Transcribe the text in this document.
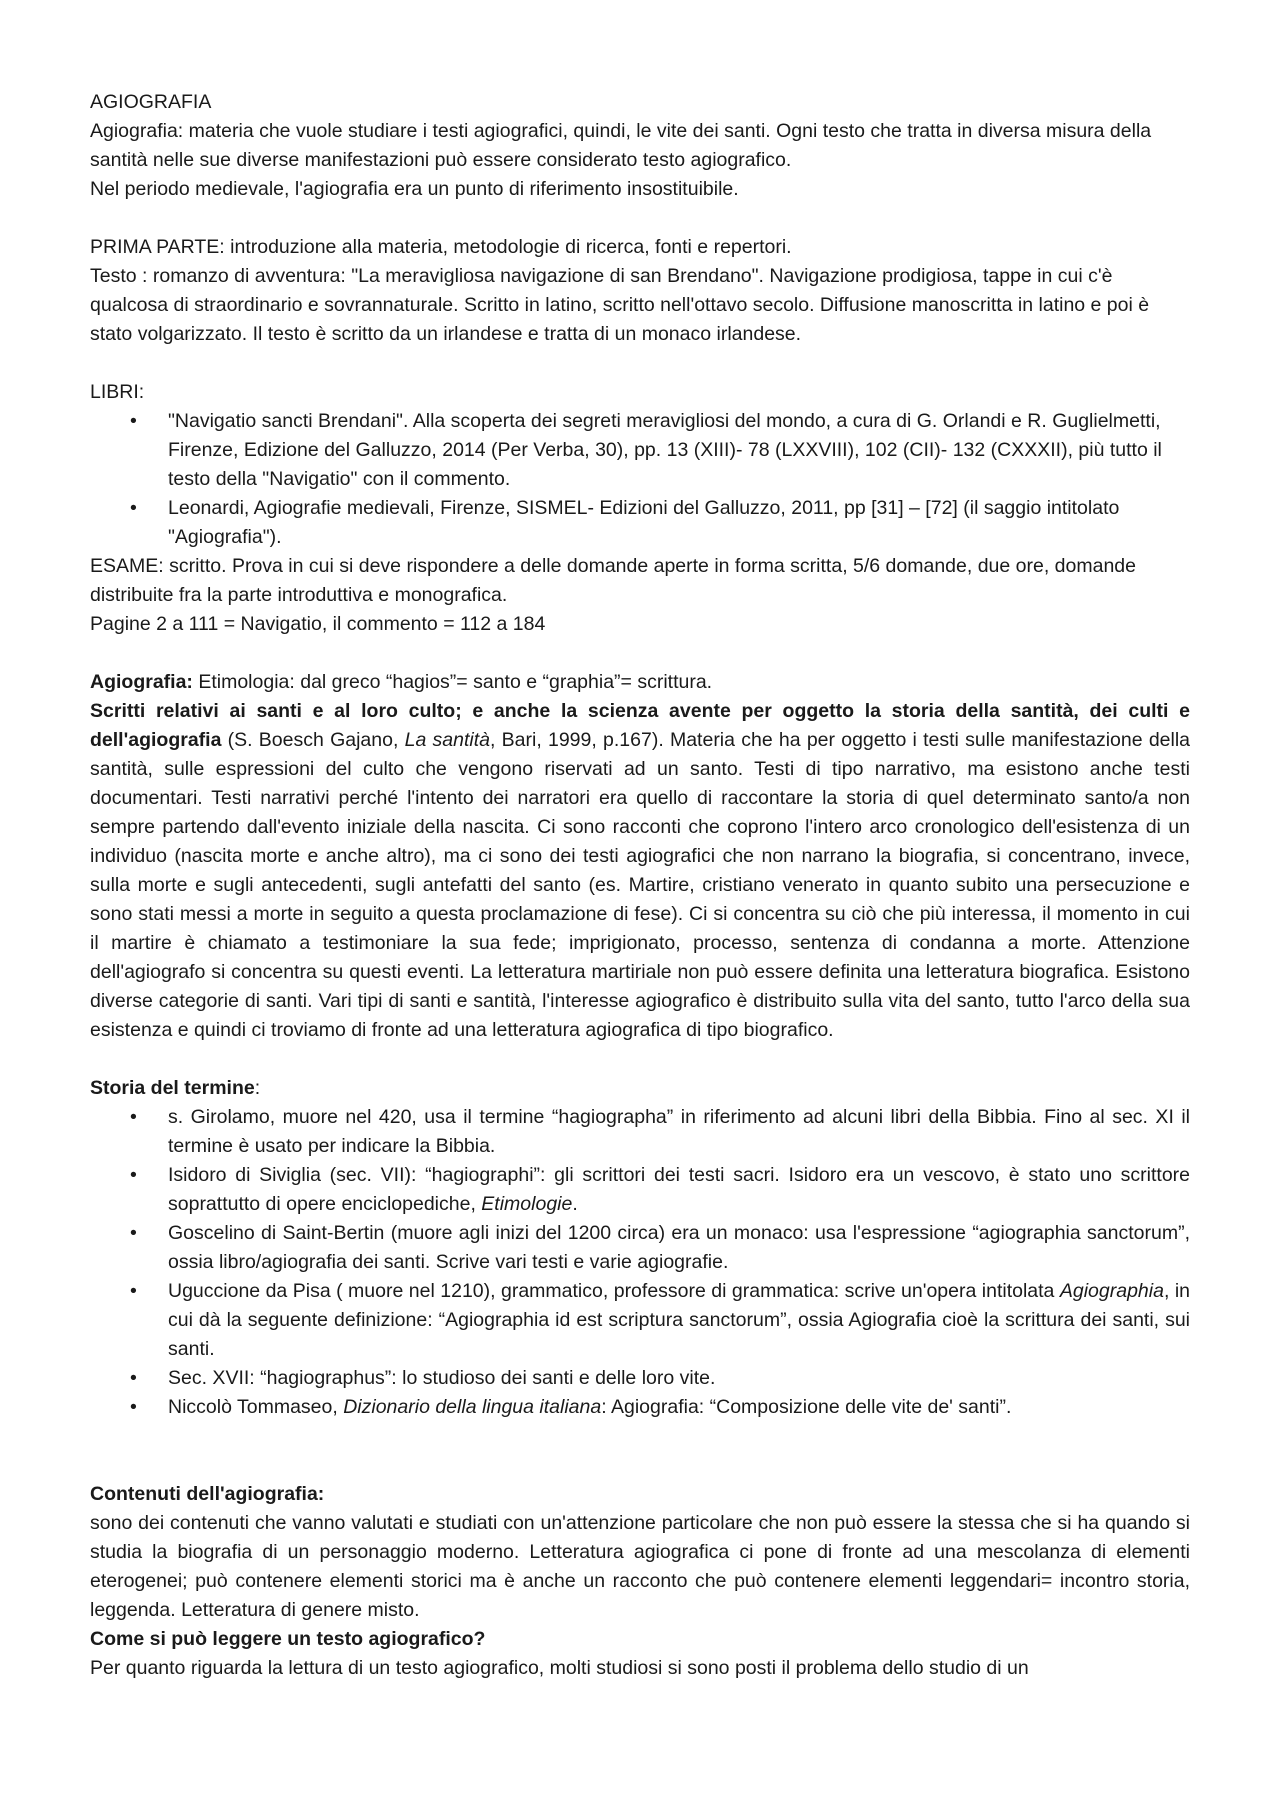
AGIOGRAFIA

Agiografia: materia che vuole studiare i testi agiografici, quindi, le vite dei santi. Ogni testo che tratta in diversa misura della santità nelle sue diverse manifestazioni può essere considerato testo agiografico.

Nel periodo medievale, l'agiografia era un punto di riferimento insostituibile.

PRIMA PARTE: introduzione alla materia, metodologie di ricerca, fonti e repertori.

Testo : romanzo di avventura: "La meravigliosa navigazione di san Brendano". Navigazione prodigiosa, tappe in cui c'è qualcosa di straordinario e sovrannaturale. Scritto in latino, scritto nell'ottavo secolo. Diffusione manoscritta in latino e poi è stato volgarizzato. Il testo è scritto da un irlandese e tratta di un monaco irlandese.

LIBRI:

•	"Navigatio sancti Brendani". Alla scoperta dei segreti meravigliosi del mondo, a cura di G. Orlandi e R. Guglielmetti, Firenze, Edizione del Galluzzo, 2014 (Per Verba, 30), pp. 13 (XIII)- 78 (LXXVIII), 102 (CII)- 132 (CXXXII), più tutto il testo della "Navigatio" con il commento.
•	Leonardi, Agiografie medievali, Firenze, SISMEL- Edizioni del Galluzzo, 2011, pp [31] – [72] (il saggio intitolato "Agiografia").

ESAME: scritto. Prova in cui si deve rispondere a delle domande aperte in forma scritta, 5/6 domande, due ore, domande distribuite fra la parte introduttiva e monografica.

Pagine 2 a 111 = Navigatio, il commento = 112 a 184

Agiografia: Etimologia: dal greco “hagios”= santo e “graphia”= scrittura.

Scritti relativi ai santi e al loro culto; e anche la scienza avente per oggetto la storia della santità, dei culti e dell'agiografia (S. Boesch Gajano, La santità, Bari, 1999, p.167). Materia che ha per oggetto i testi sulle manifestazione della santità, sulle espressioni del culto che vengono riservati ad un santo. Testi di tipo narrativo, ma esistono anche testi documentari. Testi narrativi perché l'intento dei narratori era quello di raccontare la storia di quel determinato santo/a non sempre partendo dall'evento iniziale della nascita. Ci sono racconti che coprono l'intero arco cronologico dell'esistenza di un individuo (nascita morte e anche altro), ma ci sono dei testi agiografici che non narrano la biografia, si concentrano, invece, sulla morte e sugli antecedenti, sugli antefatti del santo (es. Martire, cristiano venerato in quanto subito una persecuzione e sono stati messi a morte in seguito a questa proclamazione di fese). Ci si concentra su ciò che più interessa, il momento in cui il martire è chiamato a testimoniare la sua fede; imprigionato, processo, sentenza di condanna a morte. Attenzione dell'agiografo si concentra su questi eventi. La letteratura martiriale non può essere definita una letteratura biografica. Esistono diverse categorie di santi. Vari tipi di santi e santità, l'interesse agiografico è distribuito sulla vita del santo, tutto l'arco della sua esistenza e quindi ci troviamo di fronte ad una letteratura agiografica di tipo biografico.

Storia del termine:

•	s. Girolamo, muore nel 420, usa il termine “hagiographa” in riferimento ad alcuni libri della Bibbia. Fino al sec. XI il termine è usato per indicare la Bibbia.
•	Isidoro di Siviglia (sec. VII): “hagiographi”: gli scrittori dei testi sacri. Isidoro era un vescovo, è stato uno scrittore soprattutto di opere enciclopediche, Etimologie.
•	Goscelino di Saint-Bertin (muore agli inizi del 1200 circa) era un monaco: usa l'espressione “agiographia sanctorum”, ossia libro/agiografia dei santi. Scrive vari testi e varie agiografie.
•	Uguccione da Pisa ( muore nel 1210), grammatico, professore di grammatica: scrive un'opera intitolata Agiographia, in cui dà la seguente definizione: “Agiographia id est scriptura sanctorum”, ossia Agiografia cioè la scrittura dei santi, sui santi.
•	Sec. XVII: “hagiographus”: lo studioso dei santi e delle loro vite.
•	Niccolò Tommaseo, Dizionario della lingua italiana: Agiografia: “Composizione delle vite de' santi”.

Contenuti dell'agiografia:

sono dei contenuti che vanno valutati e studiati con un'attenzione particolare che non può essere la stessa che si ha quando si studia la biografia di un personaggio moderno. Letteratura agiografica ci pone di fronte ad una mescolanza di elementi eterogenei; può contenere elementi storici ma è anche un racconto che può contenere elementi leggendari= incontro storia, leggenda. Letteratura di genere misto.

Come si può leggere un testo agiografico?

Per quanto riguarda la lettura di un testo agiografico, molti studiosi si sono posti il problema dello studio di un
